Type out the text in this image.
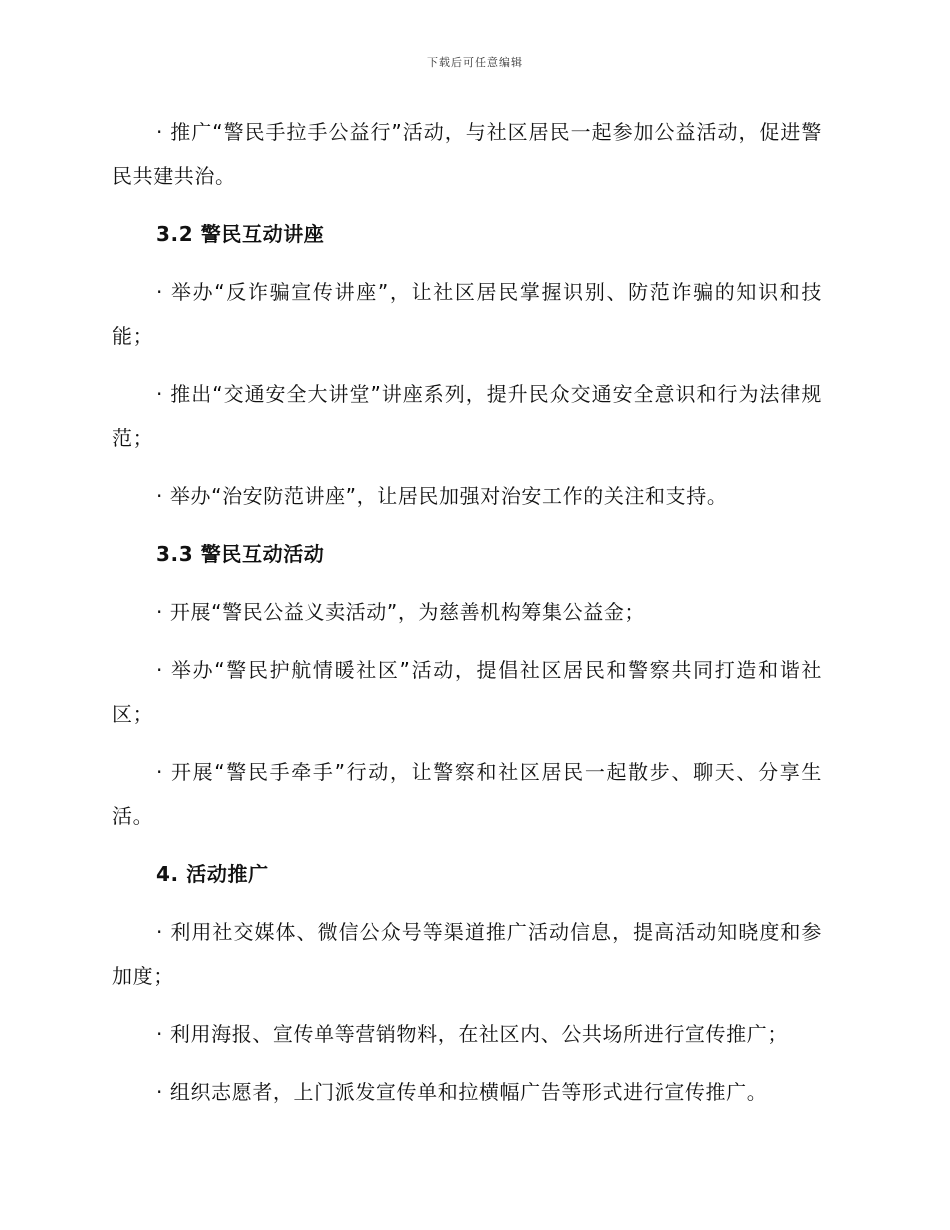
下载后可任意编辑

· 推广“警民手拉手公益行”活动，与社区居民一起参加公益活动，促进警民共建共治。

3.2 警民互动讲座

· 举办“反诈骗宣传讲座”，让社区居民掌握识别、防范诈骗的知识和技能；

· 推出“交通安全大讲堂”讲座系列，提升民众交通安全意识和行为法律规范；

· 举办“治安防范讲座”，让居民加强对治安工作的关注和支持。

3.3 警民互动活动

· 开展“警民公益义卖活动”，为慈善机构筹集公益金；

· 举办“警民护航情暖社区”活动，提倡社区居民和警察共同打造和谐社区；

· 开展“警民手牵手”行动，让警察和社区居民一起散步、聊天、分享生活。

4. 活动推广

· 利用社交媒体、微信公众号等渠道推广活动信息，提高活动知晓度和参加度；

· 利用海报、宣传单等营销物料，在社区内、公共场所进行宣传推广；

· 组织志愿者，上门派发宣传单和拉横幅广告等形式进行宣传推广。
